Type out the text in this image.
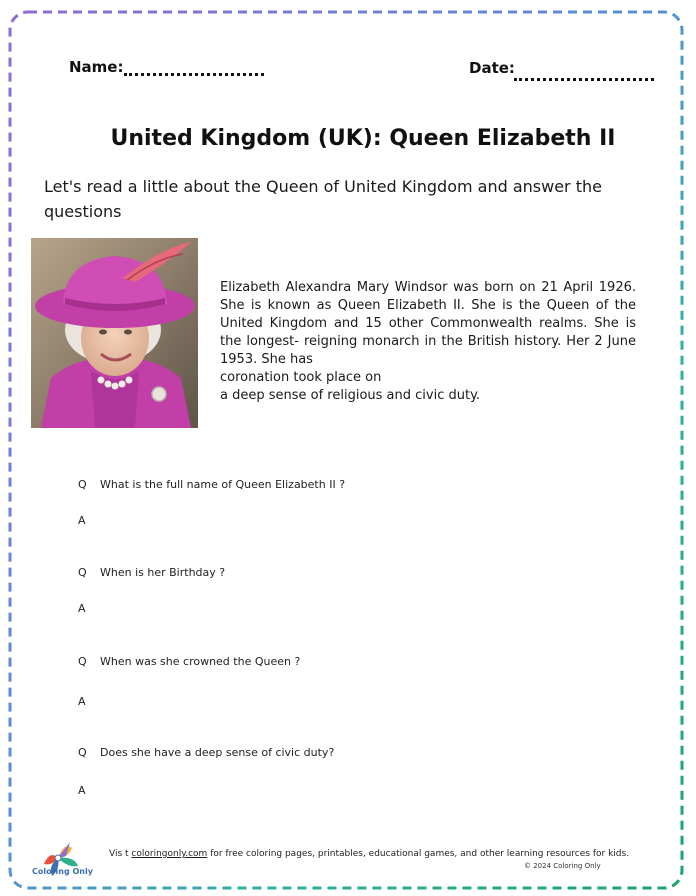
Name:	Date:
United Kingdom (UK): Queen Elizabeth II
Let's read a little about the Queen of United Kingdom and answer the questions
Elizabeth Alexandra Mary Windsor was born on 21 April 1926. She is known as Queen Elizabeth II. She is the Queen of the United Kingdom and 15 other Commonwealth realms. She is the longest- reigning monarch in the British history. Her 2 June 1953. She has
coronation took place on
a deep sense of religious and civic duty.
Q What is the full name of Queen Elizabeth II ?
A
Q When is her Birthday ?
A
Q When was she crowned the Queen ?
A
Q Does she have a deep sense of civic duty?
A
Coloring Only
Vis t coloringonly.com for free coloring pages, printables, educational games, and other learning resources for kids.
© 2024 Coloring Only
